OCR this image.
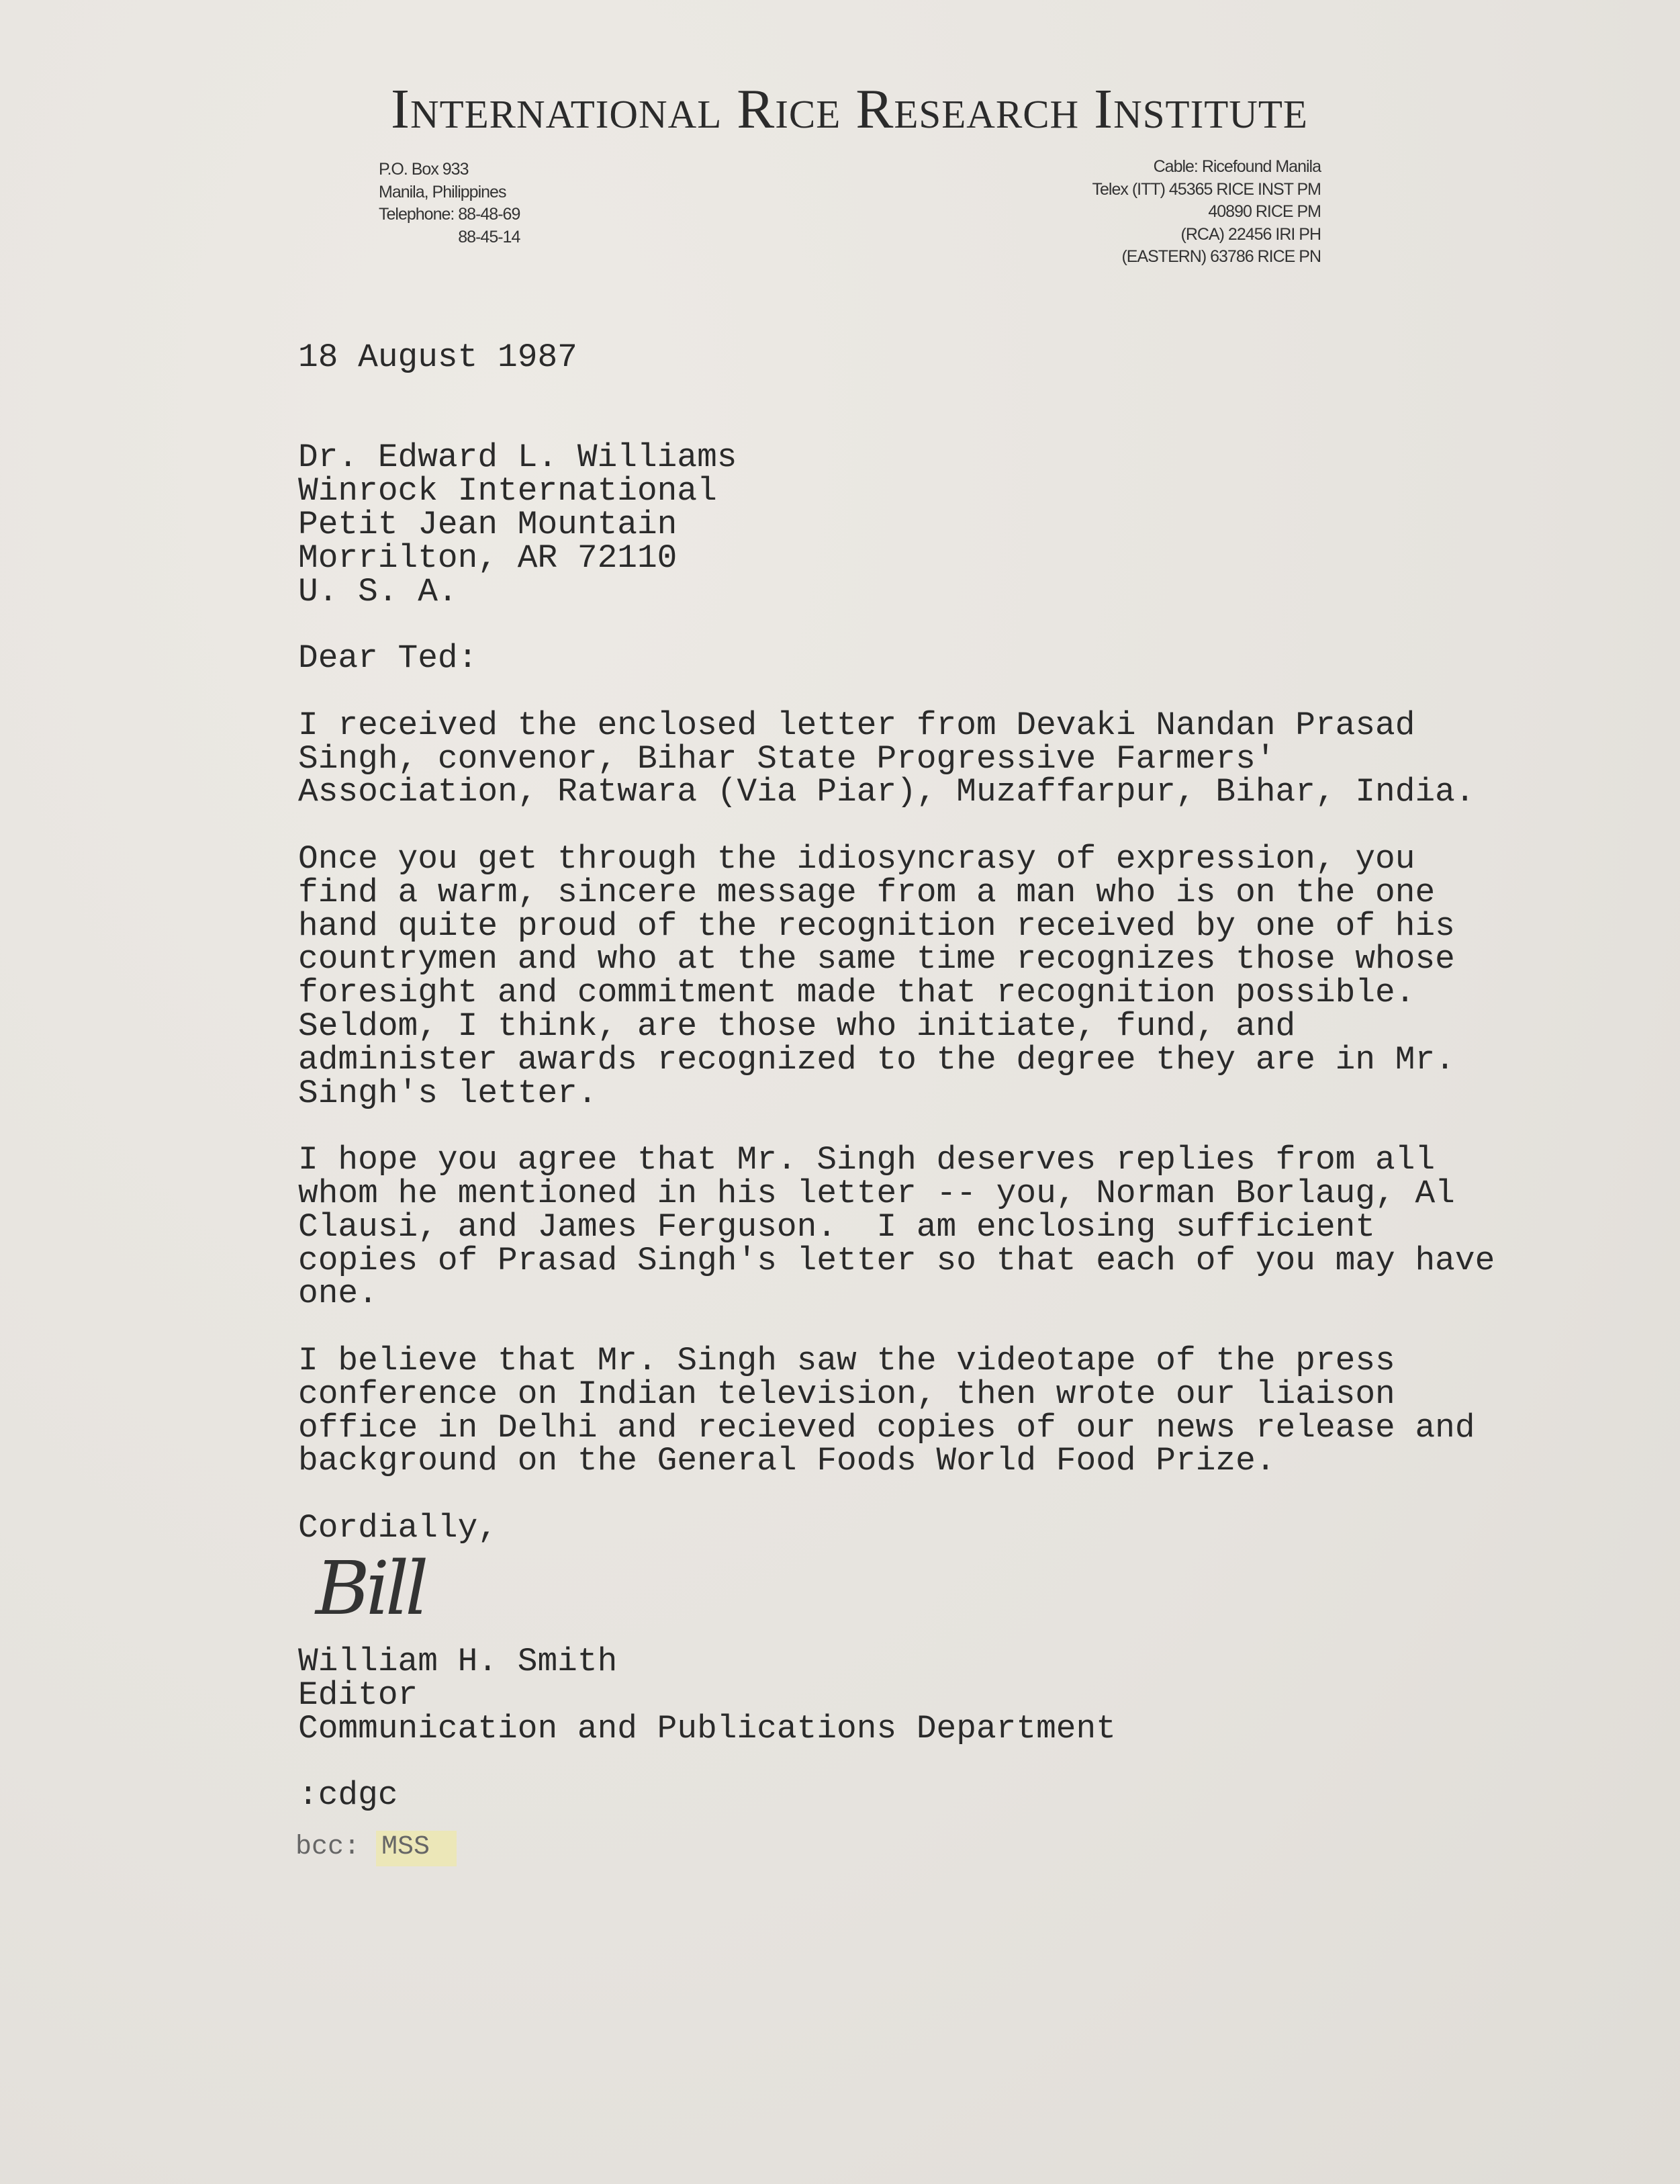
International Rice Research Institute
P.O. Box 933
Manila, Philippines
Telephone: 88-48-69
88-45-14
Cable: Ricefound Manila
Telex (ITT) 45365 RICE INST PM
40890 RICE PM
(RCA) 22456 IRI PH
(EASTERN) 63786 RICE PN
18 August 1987
Dr. Edward L. Williams
Winrock International
Petit Jean Mountain
Morrilton, AR 72110
U. S. A.
Dear Ted:
I received the enclosed letter from Devaki Nandan Prasad
Singh, convenor, Bihar State Progressive Farmers'
Association, Ratwara (Via Piar), Muzaffarpur, Bihar, India.
Once you get through the idiosyncrasy of expression, you
find a warm, sincere message from a man who is on the one
hand quite proud of the recognition received by one of his
countrymen and who at the same time recognizes those whose
foresight and commitment made that recognition possible.
Seldom, I think, are those who initiate, fund, and
administer awards recognized to the degree they are in Mr.
Singh's letter.
I hope you agree that Mr. Singh deserves replies from all
whom he mentioned in his letter -- you, Norman Borlaug, Al
Clausi, and James Ferguson.  I am enclosing sufficient
copies of Prasad Singh's letter so that each of you may have
one.
I believe that Mr. Singh saw the videotape of the press
conference on Indian television, then wrote our liaison
office in Delhi and recieved copies of our news release and
background on the General Foods World Food Prize.
Cordially,
William H. Smith
Editor
Communication and Publications Department
:cdgc
Bill
bcc: MSS
